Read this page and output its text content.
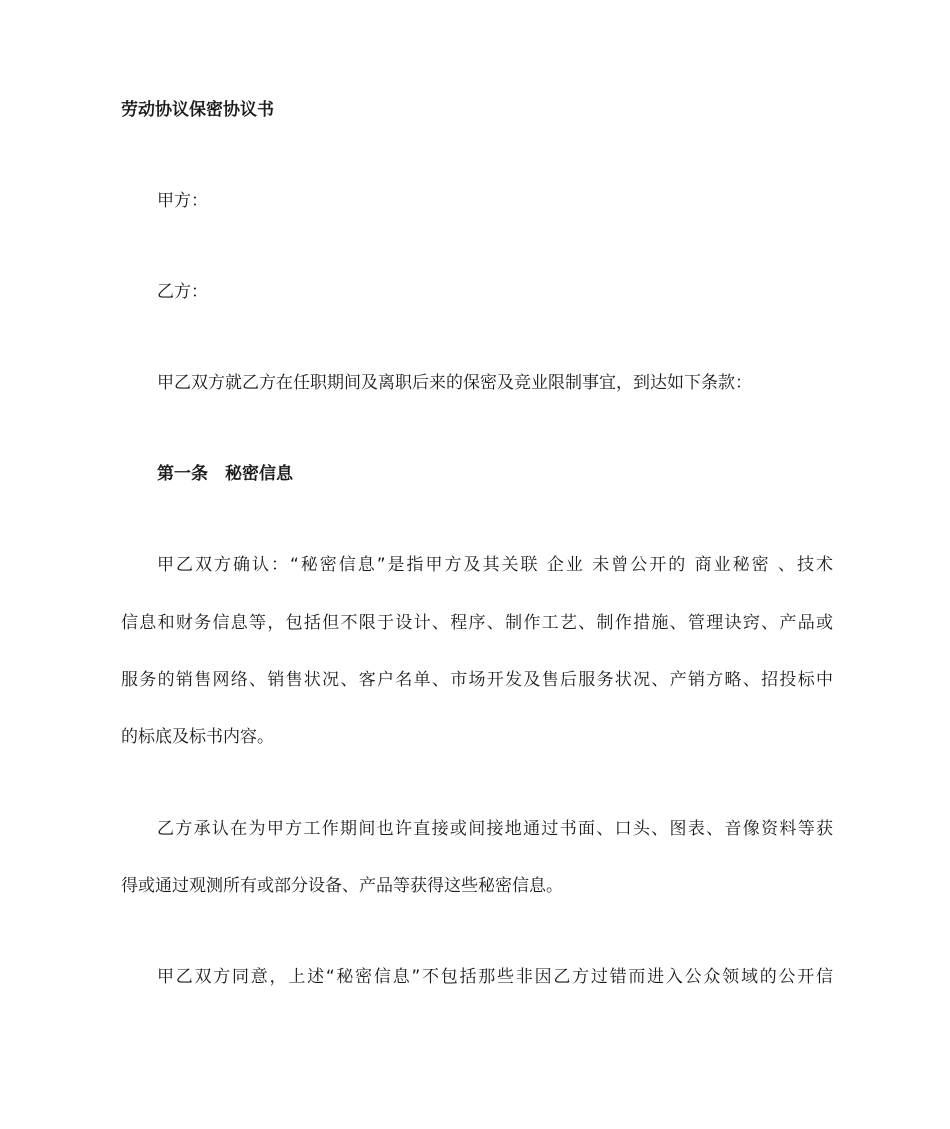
劳动协议保密协议书
甲方：
乙方：
甲乙双方就乙方在任职期间及离职后来的保密及竞业限制事宜，到达如下条款：
第一条　秘密信息
甲乙双方确认：“秘密信息”是指甲方及其关联 企业 未曾公开的 商业秘密 、技术
信息和财务信息等，包括但不限于设计、程序、制作工艺、制作措施、管理诀窍、产品或
服务的销售网络、销售状况、客户名单、市场开发及售后服务状况、产销方略、招投标中
的标底及标书内容。
乙方承认在为甲方工作期间也许直接或间接地通过书面、口头、图表、音像资料等获
得或通过观测所有或部分设备、产品等获得这些秘密信息。
甲乙双方同意，上述“秘密信息”不包括那些非因乙方过错而进入公众领域的公开信
